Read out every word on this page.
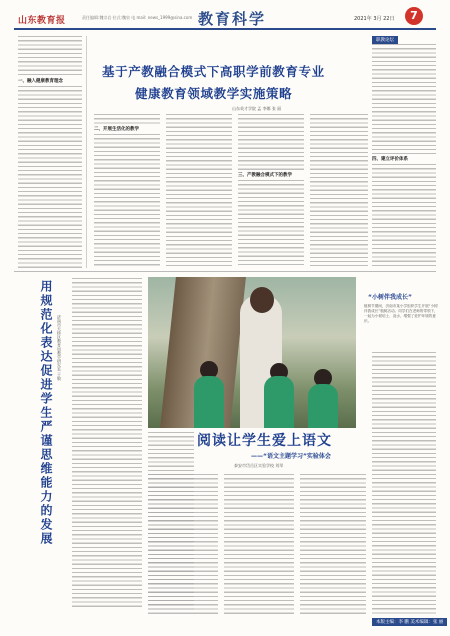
山东教育报	责任编辑:魏宗岩 拉式:魏泉 电 mail: news_1999@sina.com 教育科学	2021年 3月 22日	7
职教论坛
基于产教融合模式下高职学前教育专业
健康教育领域教学实施策略
山东英才学院 孟 李娜 张 丽
一、融入健康教育理念
二、开展生活化的教学
三、产教融合模式下的教学
四、建立评价体系
用规范化表达促进学生严谨思维能力的发展 济南市天桥区教育局教学研究室 于敏
“小树伴我成长”
植树节期间，济南市某小学组织学生开展“小树伴我成长”植树活动。同学们在老师的带领下，一起为小树培土、浇水，增强了爱护环境的意识。
阅读让学生爱上语文
——“语文主题学习”实验体会
泰安市岱岳区实验学校 刘翠
本版主编：李 鹏 美术编辑：张 丽
